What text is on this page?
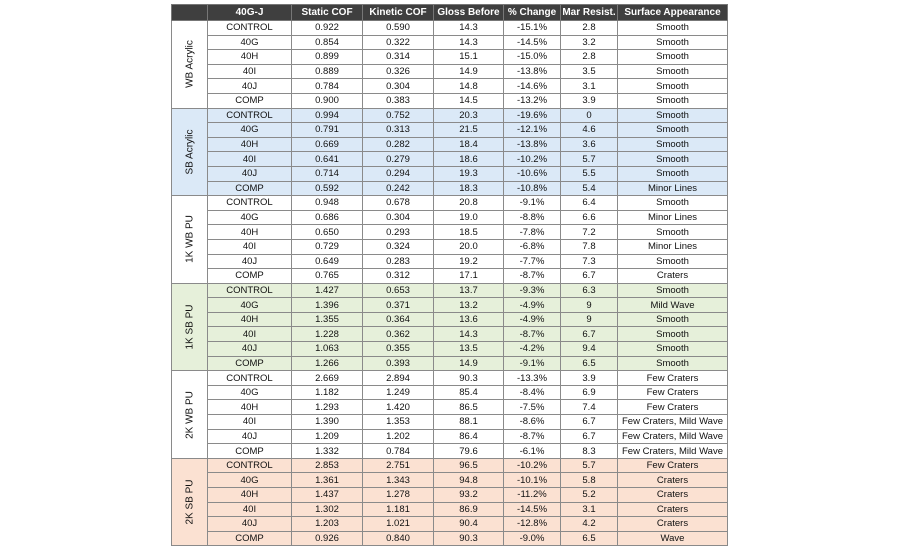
	40G-J	Static COF	Kinetic COF	Gloss Before	% Change	Mar Resist.	Surface Appearance

WB Acrylic	CONTROL	0.922	0.590	14.3	-15.1%	2.8	Smooth
	40G	0.854	0.322	14.3	-14.5%	3.2	Smooth
	40H	0.899	0.314	15.1	-15.0%	2.8	Smooth
	40I	0.889	0.326	14.9	-13.8%	3.5	Smooth
	40J	0.784	0.304	14.8	-14.6%	3.1	Smooth
	COMP	0.900	0.383	14.5	-13.2%	3.9	Smooth

SB Acrylic	CONTROL	0.994	0.752	20.3	-19.6%	0	Smooth
	40G	0.791	0.313	21.5	-12.1%	4.6	Smooth
	40H	0.669	0.282	18.4	-13.8%	3.6	Smooth
	40I	0.641	0.279	18.6	-10.2%	5.7	Smooth
	40J	0.714	0.294	19.3	-10.6%	5.5	Smooth
	COMP	0.592	0.242	18.3	-10.8%	5.4	Minor Lines

1K WB PU	CONTROL	0.948	0.678	20.8	-9.1%	6.4	Smooth
	40G	0.686	0.304	19.0	-8.8%	6.6	Minor Lines
	40H	0.650	0.293	18.5	-7.8%	7.2	Smooth
	40I	0.729	0.324	20.0	-6.8%	7.8	Minor Lines
	40J	0.649	0.283	19.2	-7.7%	7.3	Smooth
	COMP	0.765	0.312	17.1	-8.7%	6.7	Craters

1K SB PU	CONTROL	1.427	0.653	13.7	-9.3%	6.3	Smooth
	40G	1.396	0.371	13.2	-4.9%	9	Mild Wave
	40H	1.355	0.364	13.6	-4.9%	9	Smooth
	40I	1.228	0.362	14.3	-8.7%	6.7	Smooth
	40J	1.063	0.355	13.5	-4.2%	9.4	Smooth
	COMP	1.266	0.393	14.9	-9.1%	6.5	Smooth

2K WB PU	CONTROL	2.669	2.894	90.3	-13.3%	3.9	Few Craters
	40G	1.182	1.249	85.4	-8.4%	6.9	Few Craters
	40H	1.293	1.420	86.5	-7.5%	7.4	Few Craters
	40I	1.390	1.353	88.1	-8.6%	6.7	Few Craters, Mild Wave
	40J	1.209	1.202	86.4	-8.7%	6.7	Few Craters, Mild Wave
	COMP	1.332	0.784	79.6	-6.1%	8.3	Few Craters, Mild Wave

2K SB PU	CONTROL	2.853	2.751	96.5	-10.2%	5.7	Few Craters
	40G	1.361	1.343	94.8	-10.1%	5.8	Craters
	40H	1.437	1.278	93.2	-11.2%	5.2	Craters
	40I	1.302	1.181	86.9	-14.5%	3.1	Craters
	40J	1.203	1.021	90.4	-12.8%	4.2	Craters
	COMP	0.926	0.840	90.3	-9.0%	6.5	Wave
